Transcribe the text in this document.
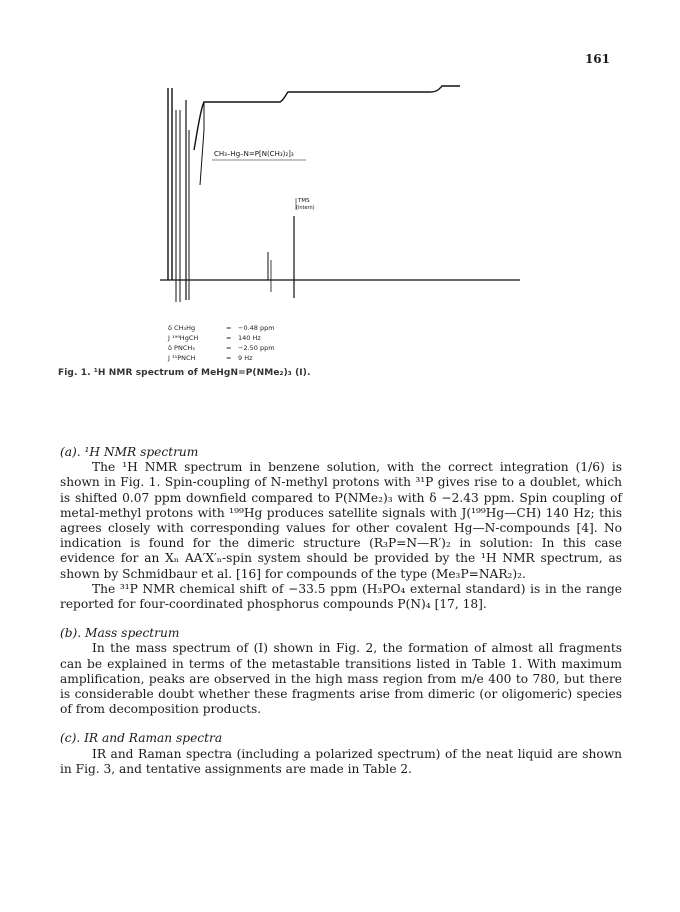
161
CH₃–Hg–N=P[N(CH₃)₂]₃
TMS
(intern)
δ CH₃Hg	=	−0.48 ppm
J ¹⁹⁹HgCH	=	140 Hz
δ PNCH₃	=	−2.50 ppm
J ³¹PNCH	=	9 Hz
Fig. 1. ¹H NMR spectrum of MeHgN=P(NMe₂)₃ (I).
(a). ¹H NMR spectrum
The ¹H NMR spectrum in benzene solution, with the correct integration (1/6) is shown in Fig. 1. Spin-coupling of N-methyl protons with ³¹P gives rise to a doublet, which is shifted 0.07 ppm downfield compared to P(NMe₂)₃ with δ −2.43 ppm. Spin coupling of metal-methyl protons with ¹⁹⁹Hg produces satellite signals with J(¹⁹⁹Hg—CH) 140 Hz; this agrees closely with corresponding values for other covalent Hg—N-compounds [4]. No indication is found for the dimeric structure (R₃P=N—R′)₂ in solution: In this case evidence for an Xₙ AA′X′ₙ-spin system should be provided by the ¹H NMR spectrum, as shown by Schmidbaur et al. [16] for compounds of the type (Me₃P=NAR₂)₂.
The ³¹P NMR chemical shift of −33.5 ppm (H₃PO₄ external standard) is in the range reported for four-coordinated phosphorus compounds P(N)₄ [17, 18].
(b). Mass spectrum
In the mass spectrum of (I) shown in Fig. 2, the formation of almost all fragments can be explained in terms of the metastable transitions listed in Table 1. With maximum amplification, peaks are observed in the high mass region from m/e 400 to 780, but there is considerable doubt whether these fragments arise from dimeric (or oligomeric) species of from decomposition products.
(c). IR and Raman spectra
IR and Raman spectra (including a polarized spectrum) of the neat liquid are shown in Fig. 3, and tentative assignments are made in Table 2.
